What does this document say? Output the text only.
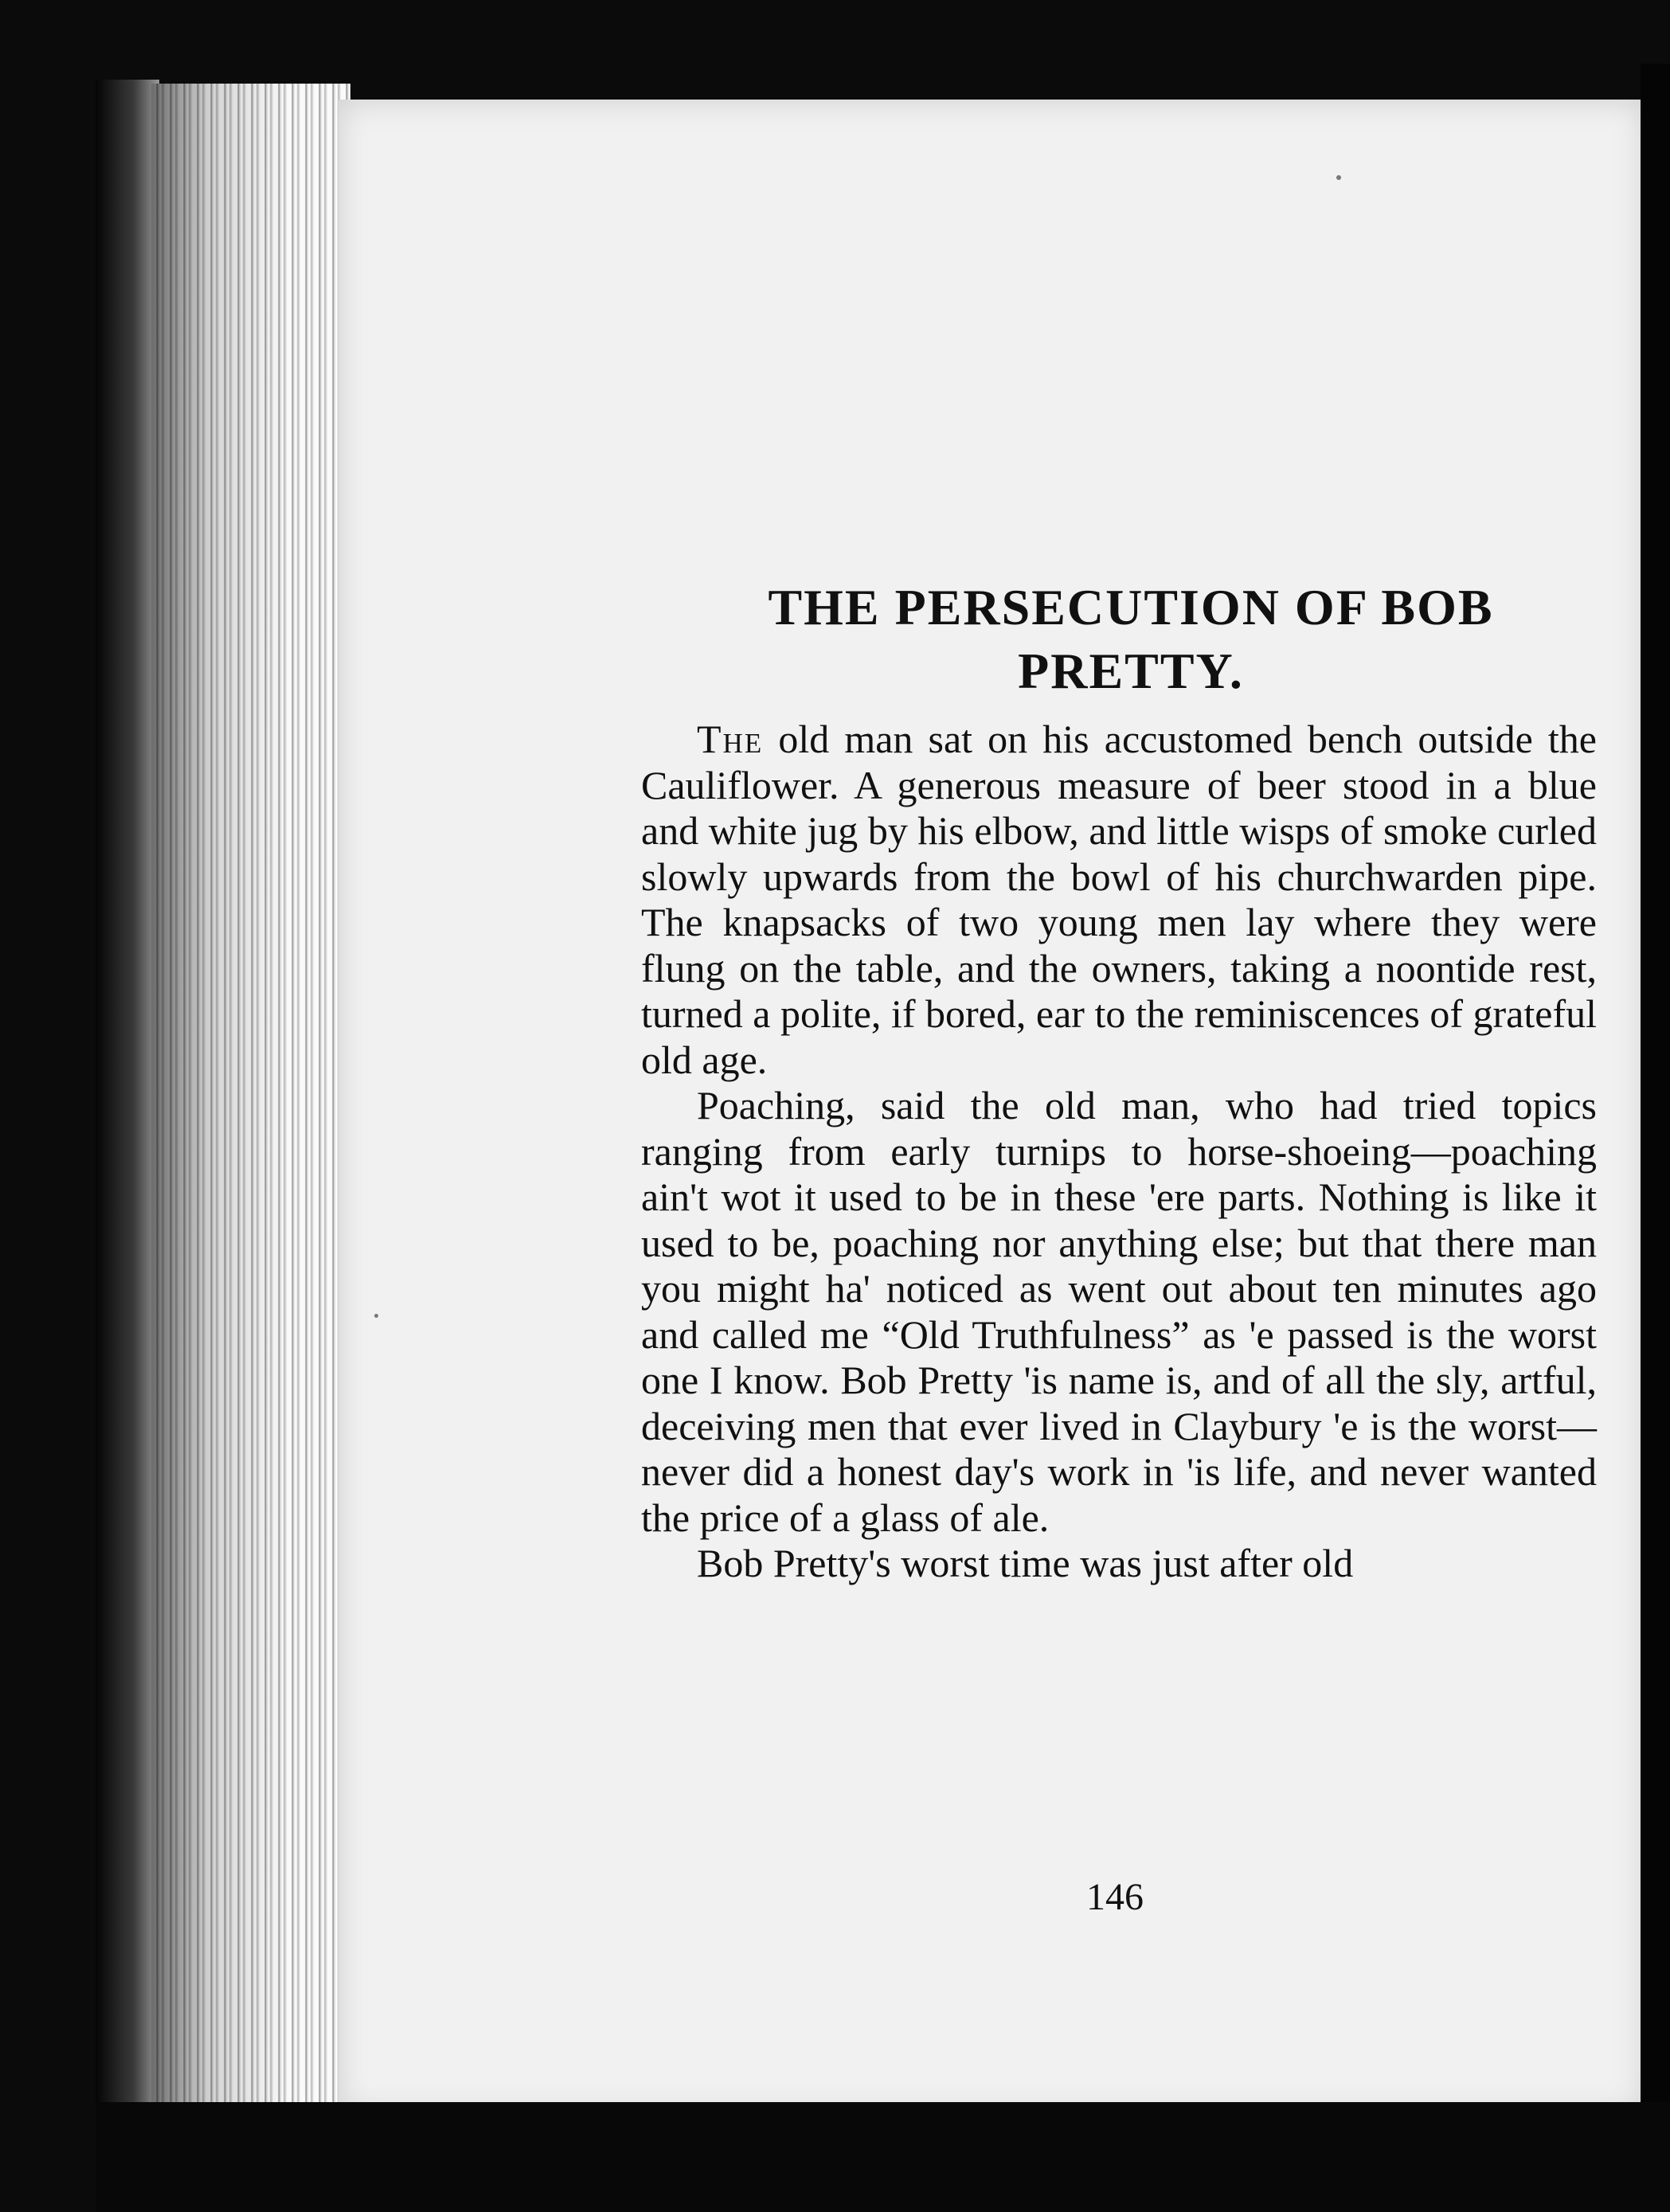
THE PERSECUTION OF BOB PRETTY.

The old man sat on his accustomed bench outside the Cauliflower. A generous measure of beer stood in a blue and white jug by his elbow, and little wisps of smoke curled slowly upwards from the bowl of his churchwarden pipe. The knapsacks of two young men lay where they were flung on the table, and the owners, taking a noontide rest, turned a polite, if bored, ear to the reminiscences of grateful old age.

Poaching, said the old man, who had tried topics ranging from early turnips to horse-shoeing—poaching ain't wot it used to be in these 'ere parts. Nothing is like it used to be, poaching nor anything else; but that there man you might ha' noticed as went out about ten minutes ago and called me “Old Truthfulness” as 'e passed is the worst one I know. Bob Pretty 'is name is, and of all the sly, artful, deceiving men that ever lived in Claybury 'e is the worst—never did a honest day's work in 'is life, and never wanted the price of a glass of ale.

Bob Pretty's worst time was just after old

146
